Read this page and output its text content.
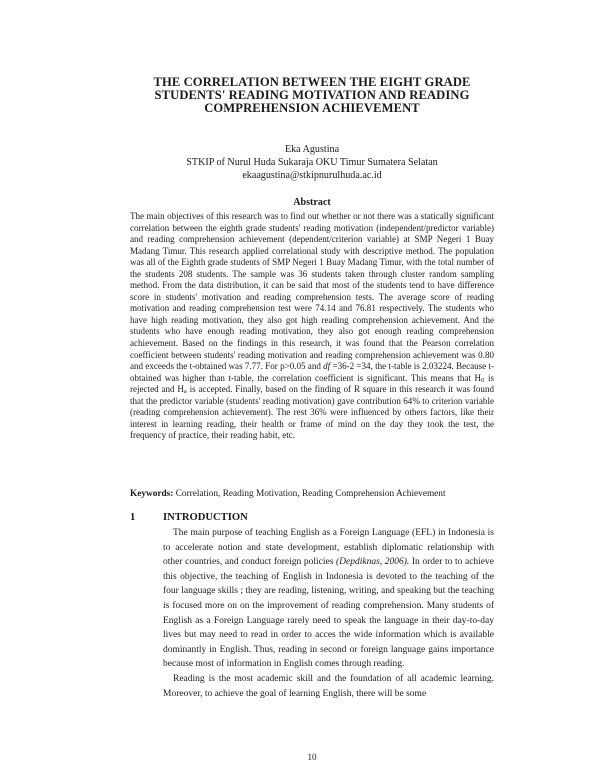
THE CORRELATION BETWEEN THE EIGHT GRADE
STUDENTS' READING MOTIVATION AND READING
COMPREHENSION ACHIEVEMENT
Eka Agustina
STKIP of Nurul Huda Sukaraja OKU Timur Sumatera Selatan
ekaagustina@stkipnurulhuda.ac.id
Abstract
The main objectives of this research was to find out whether or not there was a statically significant correlation between the eighth grade students' reading motivation (independent/predictor variable) and reading comprehension achievement (dependent/criterion variable) at SMP Negeri 1 Buay Madang Timur. This research applied correlational study with descriptive method. The population was all of the Eighth grade students of SMP Negeri 1 Buay Madang Timur, with the total number of the students 208 students. The sample was 36 students taken through cluster random sampling method. From the data distribution, it can be said that most of the students tend to have difference score in students' motivation and reading comprehension tests. The average score of reading motivation and reading comprehension test were 74.14 and 76.81 respectively. The students who have high reading motivation, they also got high reading comprehension achievement. And the students who have enough reading motivation, they also got enough reading comprehension achievement. Based on the findings in this research, it was found that the Pearson correlation coefficient between students' reading motivation and reading comprehension achievement was 0.80 and exceeds the t-obtained was 7.77. For p>0.05 and df =36-2 =34, the t-table is 2.03224. Because t-obtained was higher than t-table, the correlation coefficient is significant. This means that $H_0$ is rejected and $H_a$ is accepted. Finally, based on the finding of R square in this research it was found that the predictor variable (students' reading motivation) gave contribution 64% to criterion variable (reading comprehension achievement). The rest 36% were influenced by others factors, like their interest in learning reading, their health or frame of mind on the day they took the test, the frequency of practice, their reading habit, etc.
Keywords: Correlation, Reading Motivation, Reading Comprehension Achievement
1	INTRODUCTION

The main purpose of teaching English as a Foreign Language (EFL) in Indonesia is to accelerate notion and state development, establish diplomatic relationship with other countries, and conduct foreign policies (Depdiknas, 2006). In order to to achieve this objective, the teaching of English in Indonesia is devoted to the teaching of the four language skills ; they are reading, listening, writing, and speaking but the teaching is focused more on on the improvement of reading comprehension. Many students of English as a Foreign Language rarely need to speak the language in their day-to-day lives but may need to read in order to acces the wide information which is available dominantly in English. Thus, reading in second or foreign language gains importance because most of information in English comes through reading.

Reading is the most academic skill and the foundation of all academic learning. Moreover, to achieve the goal of learning English, there will be some

10
